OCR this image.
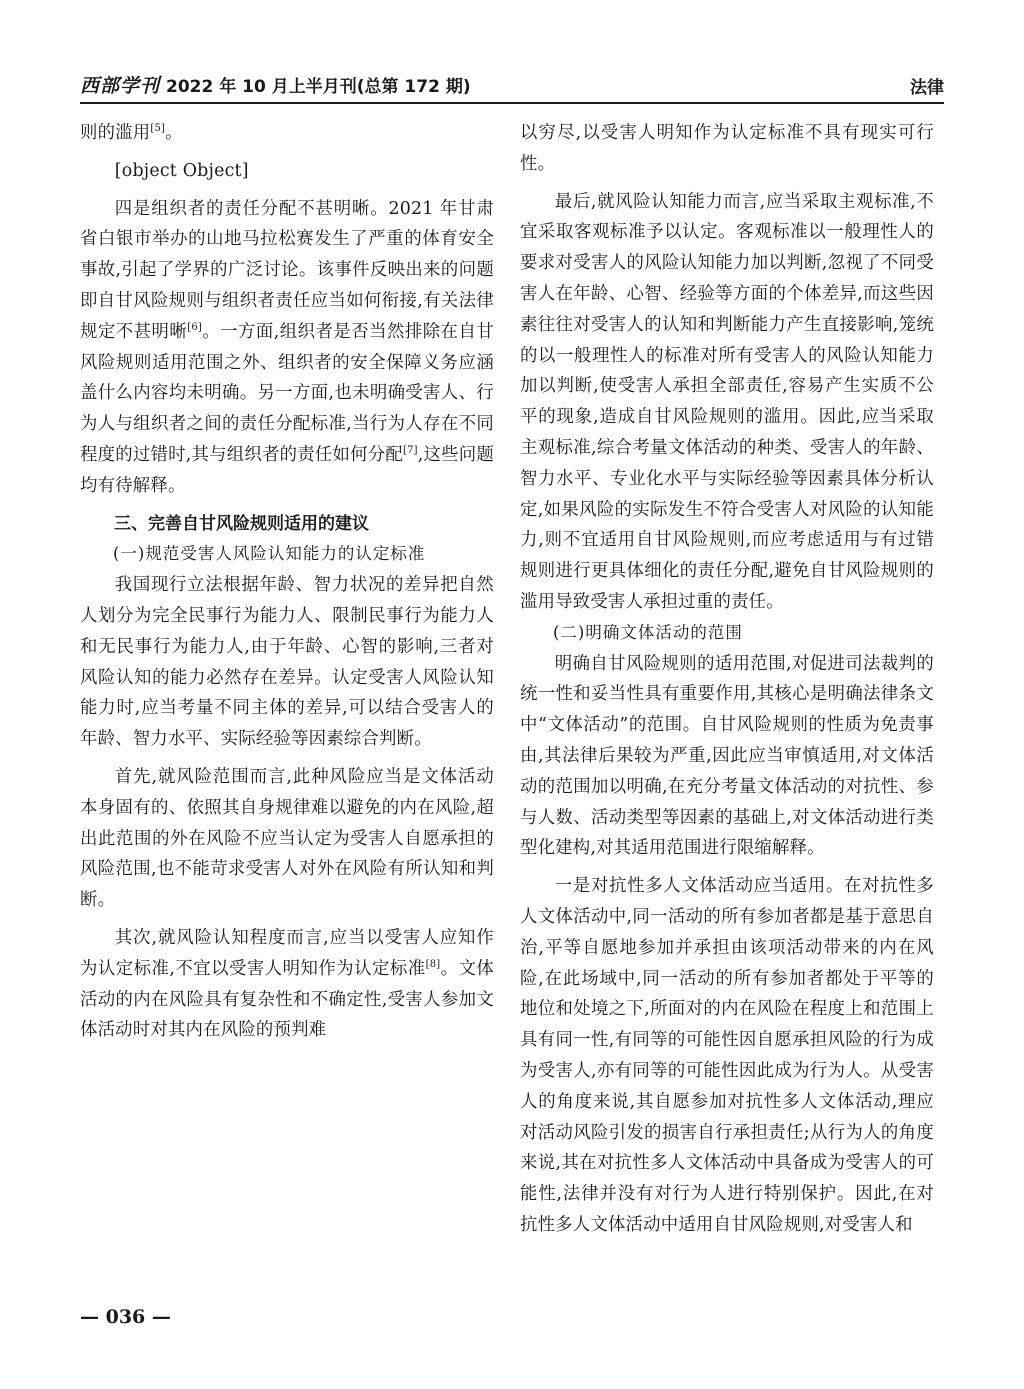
西部学刊 2022 年 10 月上半月刊(总第 172 期)	法律

则的滥用[5]。

[object Object]

四是组织者的责任分配不甚明晰。2021 年甘肃省白银市举办的山地马拉松赛发生了严重的体育安全事故,引起了学界的广泛讨论。该事件反映出来的问题即自甘风险规则与组织者责任应当如何衔接,有关法律规定不甚明晰[6]。一方面,组织者是否当然排除在自甘风险规则适用范围之外、组织者的安全保障义务应涵盖什么内容均未明确。另一方面,也未明确受害人、行为人与组织者之间的责任分配标准,当行为人存在不同程度的过错时,其与组织者的责任如何分配[7],这些问题均有待解释。

三、完善自甘风险规则适用的建议

(一)规范受害人风险认知能力的认定标准

我国现行立法根据年龄、智力状况的差异把自然人划分为完全民事行为能力人、限制民事行为能力人和无民事行为能力人,由于年龄、心智的影响,三者对风险认知的能力必然存在差异。认定受害人风险认知能力时,应当考量不同主体的差异,可以结合受害人的年龄、智力水平、实际经验等因素综合判断。

首先,就风险范围而言,此种风险应当是文体活动本身固有的、依照其自身规律难以避免的内在风险,超出此范围的外在风险不应当认定为受害人自愿承担的风险范围,也不能苛求受害人对外在风险有所认知和判断。

其次,就风险认知程度而言,应当以受害人应知作为认定标准,不宜以受害人明知作为认定标准[8]。文体活动的内在风险具有复杂性和不确定性,受害人参加文体活动时对其内在风险的预判难

以穷尽,以受害人明知作为认定标准不具有现实可行性。

最后,就风险认知能力而言,应当采取主观标准,不宜采取客观标准予以认定。客观标准以一般理性人的要求对受害人的风险认知能力加以判断,忽视了不同受害人在年龄、心智、经验等方面的个体差异,而这些因素往往对受害人的认知和判断能力产生直接影响,笼统的以一般理性人的标准对所有受害人的风险认知能力加以判断,使受害人承担全部责任,容易产生实质不公平的现象,造成自甘风险规则的滥用。因此,应当采取主观标准,综合考量文体活动的种类、受害人的年龄、智力水平、专业化水平与实际经验等因素具体分析认定,如果风险的实际发生不符合受害人对风险的认知能力,则不宜适用自甘风险规则,而应考虑适用与有过错规则进行更具体细化的责任分配,避免自甘风险规则的滥用导致受害人承担过重的责任。

(二)明确文体活动的范围

明确自甘风险规则的适用范围,对促进司法裁判的统一性和妥当性具有重要作用,其核心是明确法律条文中“文体活动”的范围。自甘风险规则的性质为免责事由,其法律后果较为严重,因此应当审慎适用,对文体活动的范围加以明确,在充分考量文体活动的对抗性、参与人数、活动类型等因素的基础上,对文体活动进行类型化建构,对其适用范围进行限缩解释。

一是对抗性多人文体活动应当适用。在对抗性多人文体活动中,同一活动的所有参加者都是基于意思自治,平等自愿地参加并承担由该项活动带来的内在风险,在此场域中,同一活动的所有参加者都处于平等的地位和处境之下,所面对的内在风险在程度上和范围上具有同一性,有同等的可能性因自愿承担风险的行为成为受害人,亦有同等的可能性因此成为行为人。从受害人的角度来说,其自愿参加对抗性多人文体活动,理应对活动风险引发的损害自行承担责任;从行为人的角度来说,其在对抗性多人文体活动中具备成为受害人的可能性,法律并没有对行为人进行特别保护。因此,在对抗性多人文体活动中适用自甘风险规则,对受害人和

— 036 —
